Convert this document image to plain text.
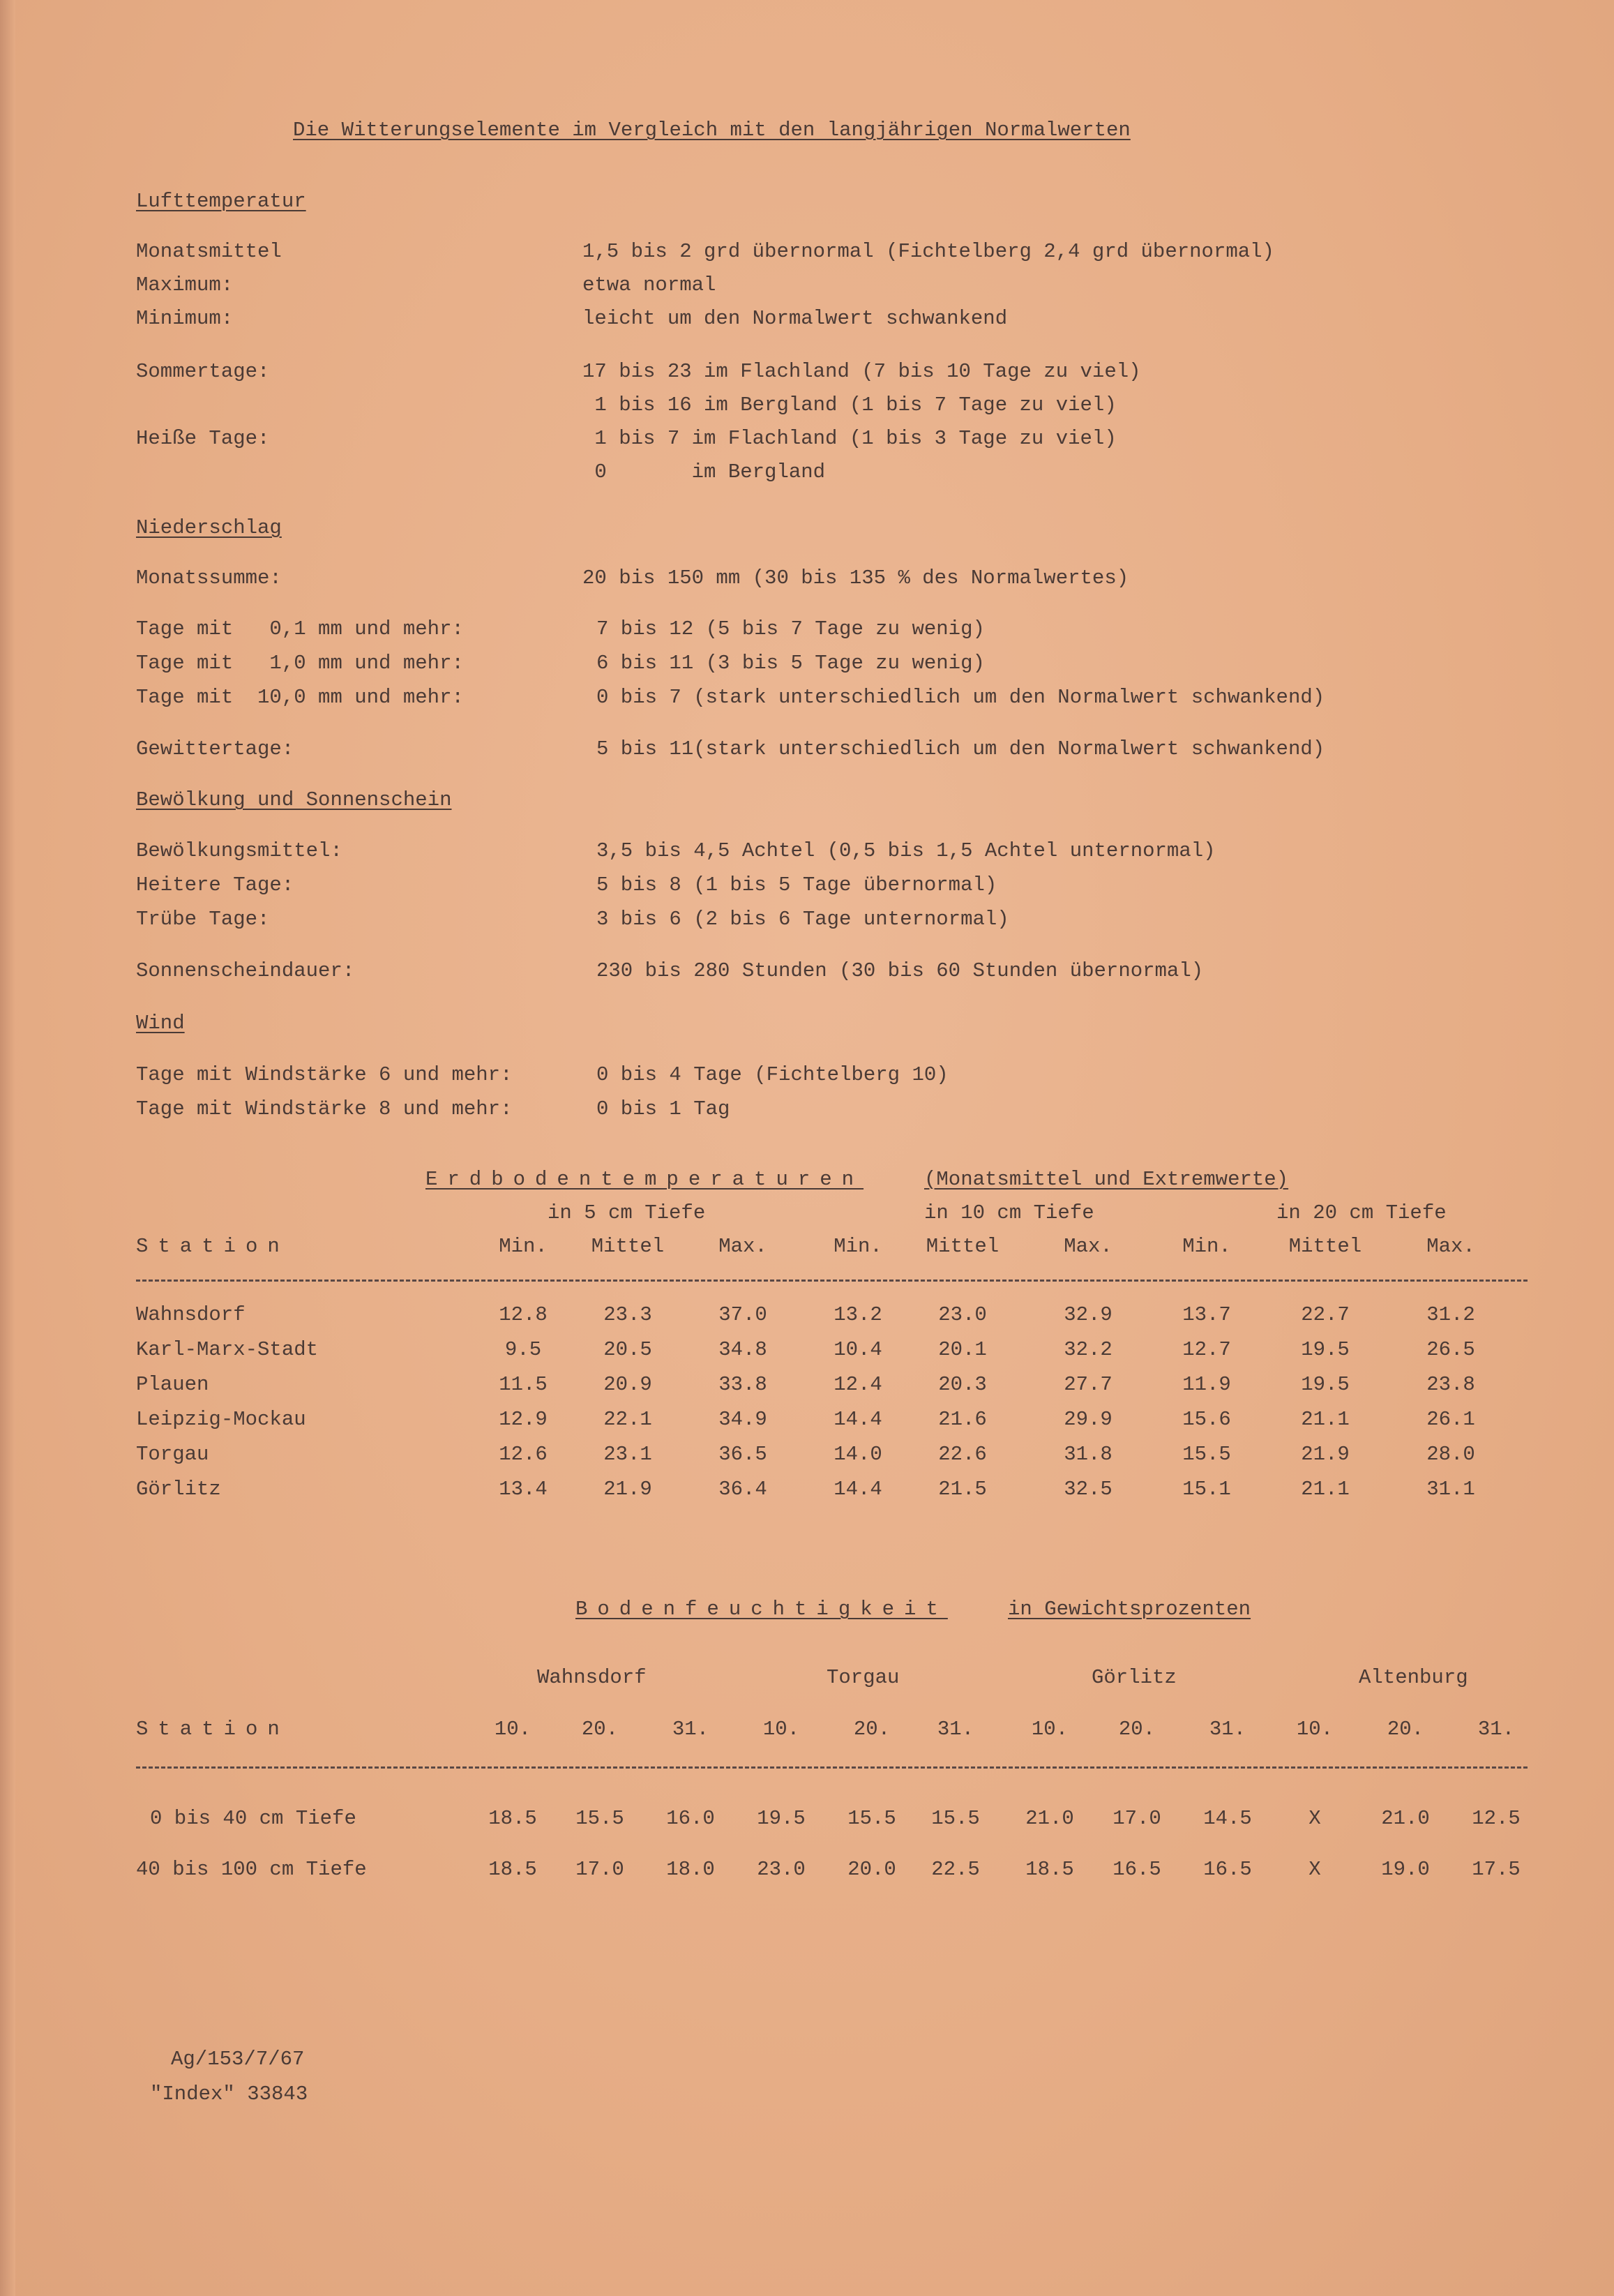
Die Witterungselemente im Vergleich mit den langjährigen Normalwerten
Lufttemperatur
Monatsmittel	1,5 bis 2 grd übernormal (Fichtelberg 2,4 grd übernormal)
Maximum:	etwa normal
Minimum:	leicht um den Normalwert schwankend
Sommertage:	17 bis 23 im Flachland (7 bis 10 Tage zu viel)
1 bis 16 im Bergland (1 bis 7 Tage zu viel)
Heiße Tage:	1 bis 7 im Flachland (1 bis 3 Tage zu viel)
0       im Bergland
Niederschlag
Monatssumme:	20 bis 150 mm (30 bis 135 % des Normalwertes)
Tage mit   0,1 mm und mehr:	7 bis 12 (5 bis 7 Tage zu wenig)
Tage mit   1,0 mm und mehr:	6 bis 11 (3 bis 5 Tage zu wenig)
Tage mit  10,0 mm und mehr:	0 bis 7 (stark unterschiedlich um den Normalwert schwankend)
Gewittertage:	5 bis 11(stark unterschiedlich um den Normalwert schwankend)
Bewölkung und Sonnenschein
Bewölkungsmittel:	3,5 bis 4,5 Achtel (0,5 bis 1,5 Achtel unternormal)
Heitere Tage:	5 bis 8 (1 bis 5 Tage übernormal)
Trübe Tage:	3 bis 6 (2 bis 6 Tage unternormal)
Sonnenscheindauer:	230 bis 280 Stunden (30 bis 60 Stunden übernormal)
Wind
Tage mit Windstärke 6 und mehr:	0 bis 4 Tage (Fichtelberg 10)
Tage mit Windstärke 8 und mehr:	0 bis 1 Tag
Erdbodentemperaturen	(Monatsmittel und Extremwerte)
in 5 cm Tiefe	in 10 cm Tiefe	in 20 cm Tiefe
Station	Min.	Mittel	Max.	Min.	Mittel	Max.	Min.	Mittel	Max.
Wahnsdorf	12.8	23.3	37.0	13.2	23.0	32.9	13.7	22.7	31.2
Karl-Marx-Stadt	9.5	20.5	34.8	10.4	20.1	32.2	12.7	19.5	26.5
Plauen	11.5	20.9	33.8	12.4	20.3	27.7	11.9	19.5	23.8
Leipzig-Mockau	12.9	22.1	34.9	14.4	21.6	29.9	15.6	21.1	26.1
Torgau	12.6	23.1	36.5	14.0	22.6	31.8	15.5	21.9	28.0
Görlitz	13.4	21.9	36.4	14.4	21.5	32.5	15.1	21.1	31.1
Bodenfeuchtigkeit	in Gewichtsprozenten
Wahnsdorf	Torgau	Görlitz	Altenburg
Station	10.	20.	31.	10.	20.	31.	10.	20.	31.	10.	20.	31.
0 bis 40 cm Tiefe	18.5	15.5	16.0	19.5	15.5	15.5	21.0	17.0	14.5	X	21.0	12.5
40 bis 100 cm Tiefe	18.5	17.0	18.0	23.0	20.0	22.5	18.5	16.5	16.5	X	19.0	17.5
Ag/153/7/67
"Index" 33843
